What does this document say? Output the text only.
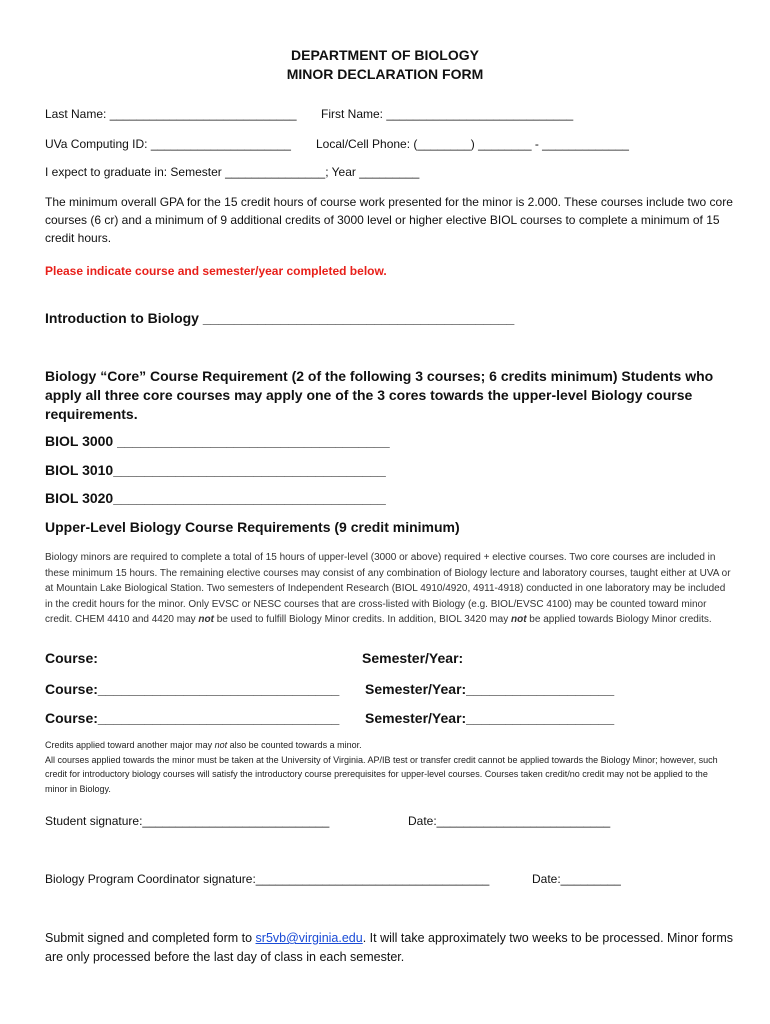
DEPARTMENT OF BIOLOGY
MINOR DECLARATION FORM
Last Name: ____________________________ First Name: ____________________________
UVa Computing ID: _____________________ Local/Cell Phone: (________) ________ - _____________
I expect to graduate in: Semester _______________; Year _________
The minimum overall GPA for the 15 credit hours of course work presented for the minor is 2.000. These courses include two core courses (6 cr) and a minimum of 9 additional credits of 3000 level or higher elective BIOL courses to complete a minimum of 15 credit hours.
Please indicate course and semester/year completed below.
Introduction to Biology ________________________________________
Biology “Core” Course Requirement (2 of the following 3 courses; 6 credits minimum) Students who apply all three core courses may apply one of the 3 cores towards the upper-level Biology course requirements.
BIOL 3000 ___________________________________
BIOL 3010___________________________________
BIOL 3020___________________________________
Upper-Level Biology Course Requirements (9 credit minimum)
Biology minors are required to complete a total of 15 hours of upper-level (3000 or above) required + elective courses. Two core courses are included in these minimum 15 hours. The remaining elective courses may consist of any combination of Biology lecture and laboratory courses, taught either at UVA or at Mountain Lake Biological Station. Two semesters of Independent Research (BIOL 4910/4920, 4911-4918) conducted in one laboratory may be included in the credit hours for the minor. Only EVSC or NESC courses that are cross-listed with Biology (e.g. BIOL/EVSC 4100) may be counted toward minor credit. CHEM 4410 and 4420 may not be used to fulfill Biology Minor credits. In addition, BIOL 3420 may not be applied towards Biology Minor credits.
Course:	Semester/Year:
Course:_______________________________	Semester/Year:___________________
Course:_______________________________	Semester/Year:___________________
Credits applied toward another major may not also be counted towards a minor.
All courses applied towards the minor must be taken at the University of Virginia. AP/IB test or transfer credit cannot be applied towards the Biology Minor; however, such credit for introductory biology courses will satisfy the introductory course prerequisites for upper-level courses. Courses taken credit/no credit may not be applied to the minor in Biology.
Student signature:____________________________	Date:__________________________
Biology Program Coordinator signature:___________________________________	Date:_________
Submit signed and completed form to sr5vb@virginia.edu. It will take approximately two weeks to be processed. Minor forms are only processed before the last day of class in each semester.
